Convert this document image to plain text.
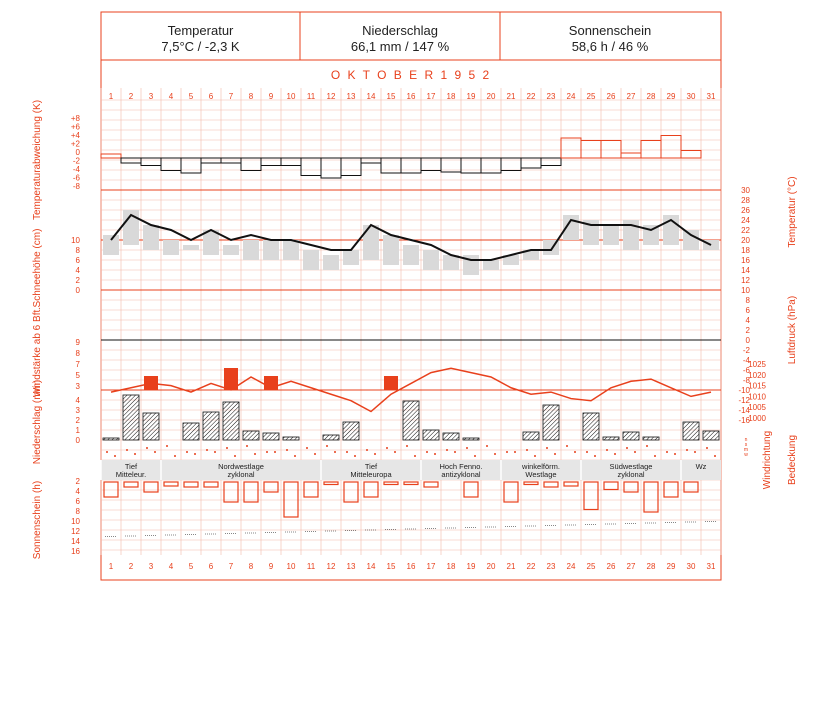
O K T O B E R 1 9 5 2
1
1
2
2
3
3
4
4
5
5
6
6
7
7
8
8
9
9
10
10
11
11
12
12
13
13
14
14
15
15
16
16
17
17
18
18
19
19
20
20
21
21
22
22
23
23
24
24
25
25
26
26
27
27
28
28
29
29
30
30
31
31
+8
+6
+4
+2
0
-2
-4
-6
-8	30
28
26
24
22
20
18
16
14
12
10
8
6
4
2
0
-2
-4
-6
-8
-10
-12
-14
-16
10
8
6
4
2
0
1025
1020
1015
1010
1005
1000
9
8
7
5
3
4
3
2
1
0
Tief
Mitteleur.
Nordwestlage
zyklonal
Tief
Mitteleuropa
Hoch Fenno.
antizyklonal
winkelförm.
Westlage
Südwestlage
zyklonal
Wz
n
s
m
w
2
4
6
8
10
12
14
16
Temperaturabweichung (K)
Schneehöhe (cm)
Windstärke ab 6 Bft.
Niederschlag (mm)
Sonnenschein (h)
Temperatur (°C)
Luftdruck (hPa)
Windrichtung Bedeckung
Temperatur
7,5°C / -2,3 K
Niederschlag
66,1 mm / 147 %
Sonnenschein
58,6 h / 46 %
